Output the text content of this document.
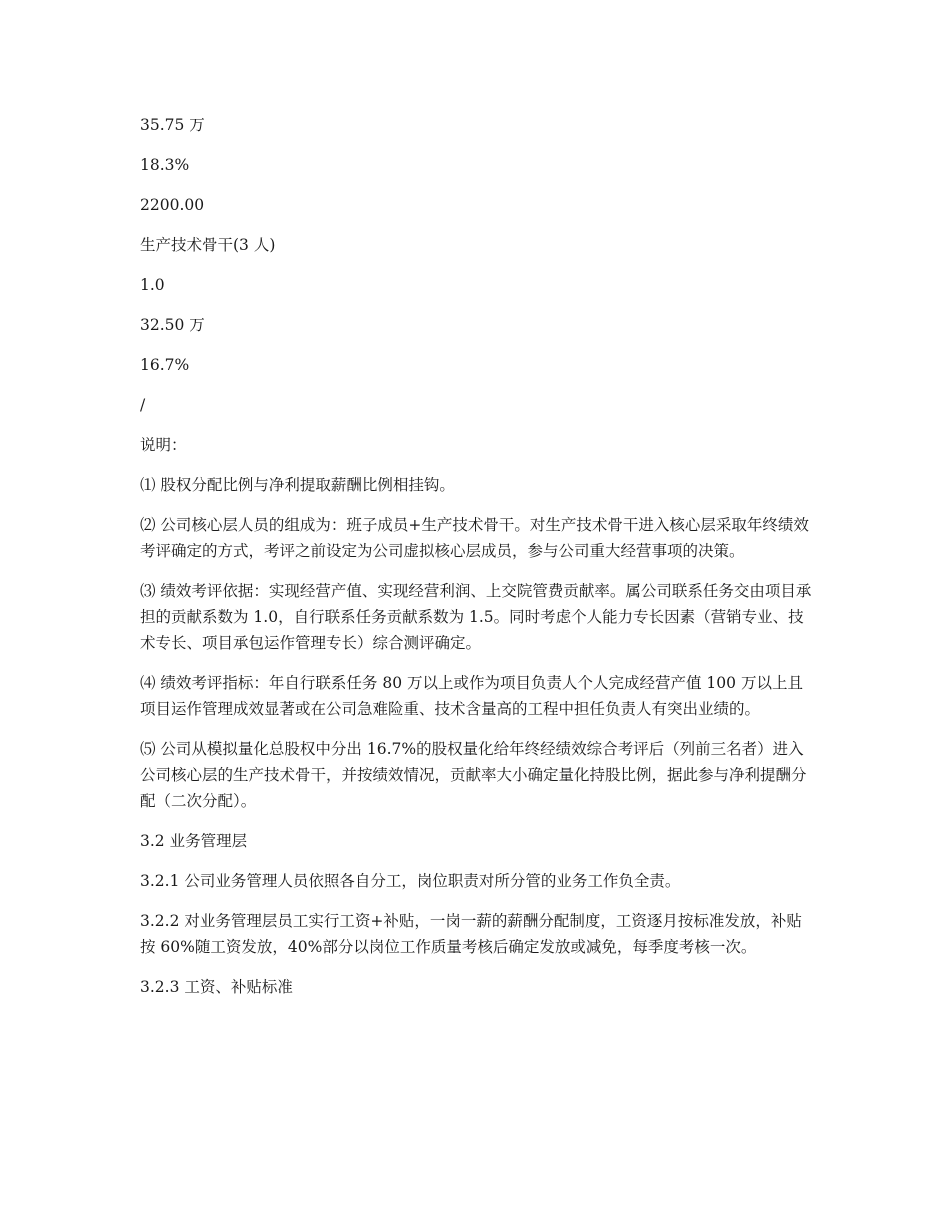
35.75 万

18.3%

2200.00

生产技术骨干(3 人)

1.0

32.50 万

16.7%

/

说明：

⑴ 股权分配比例与净利提取薪酬比例相挂钩。

⑵ 公司核心层人员的组成为：班子成员+生产技术骨干。对生产技术骨干进入核心层采取年终绩效考评确定的方式，考评之前设定为公司虚拟核心层成员，参与公司重大经营事项的决策。

⑶ 绩效考评依据：实现经营产值、实现经营利润、上交院管费贡献率。属公司联系任务交由项目承担的贡献系数为 1.0，自行联系任务贡献系数为 1.5。同时考虑个人能力专长因素（营销专业、技术专长、项目承包运作管理专长）综合测评确定。

⑷ 绩效考评指标：年自行联系任务 80 万以上或作为项目负责人个人完成经营产值 100 万以上且项目运作管理成效显著或在公司急难险重、技术含量高的工程中担任负责人有突出业绩的。

⑸ 公司从模拟量化总股权中分出 16.7%的股权量化给年终经绩效综合考评后（列前三名者）进入公司核心层的生产技术骨干，并按绩效情况，贡献率大小确定量化持股比例，据此参与净利提酬分配（二次分配）。

3.2 业务管理层

3.2.1 公司业务管理人员依照各自分工，岗位职责对所分管的业务工作负全责。

3.2.2 对业务管理层员工实行工资+补贴，一岗一薪的薪酬分配制度，工资逐月按标准发放，补贴按 60%随工资发放，40%部分以岗位工作质量考核后确定发放或减免，每季度考核一次。

3.2.3 工资、补贴标准
